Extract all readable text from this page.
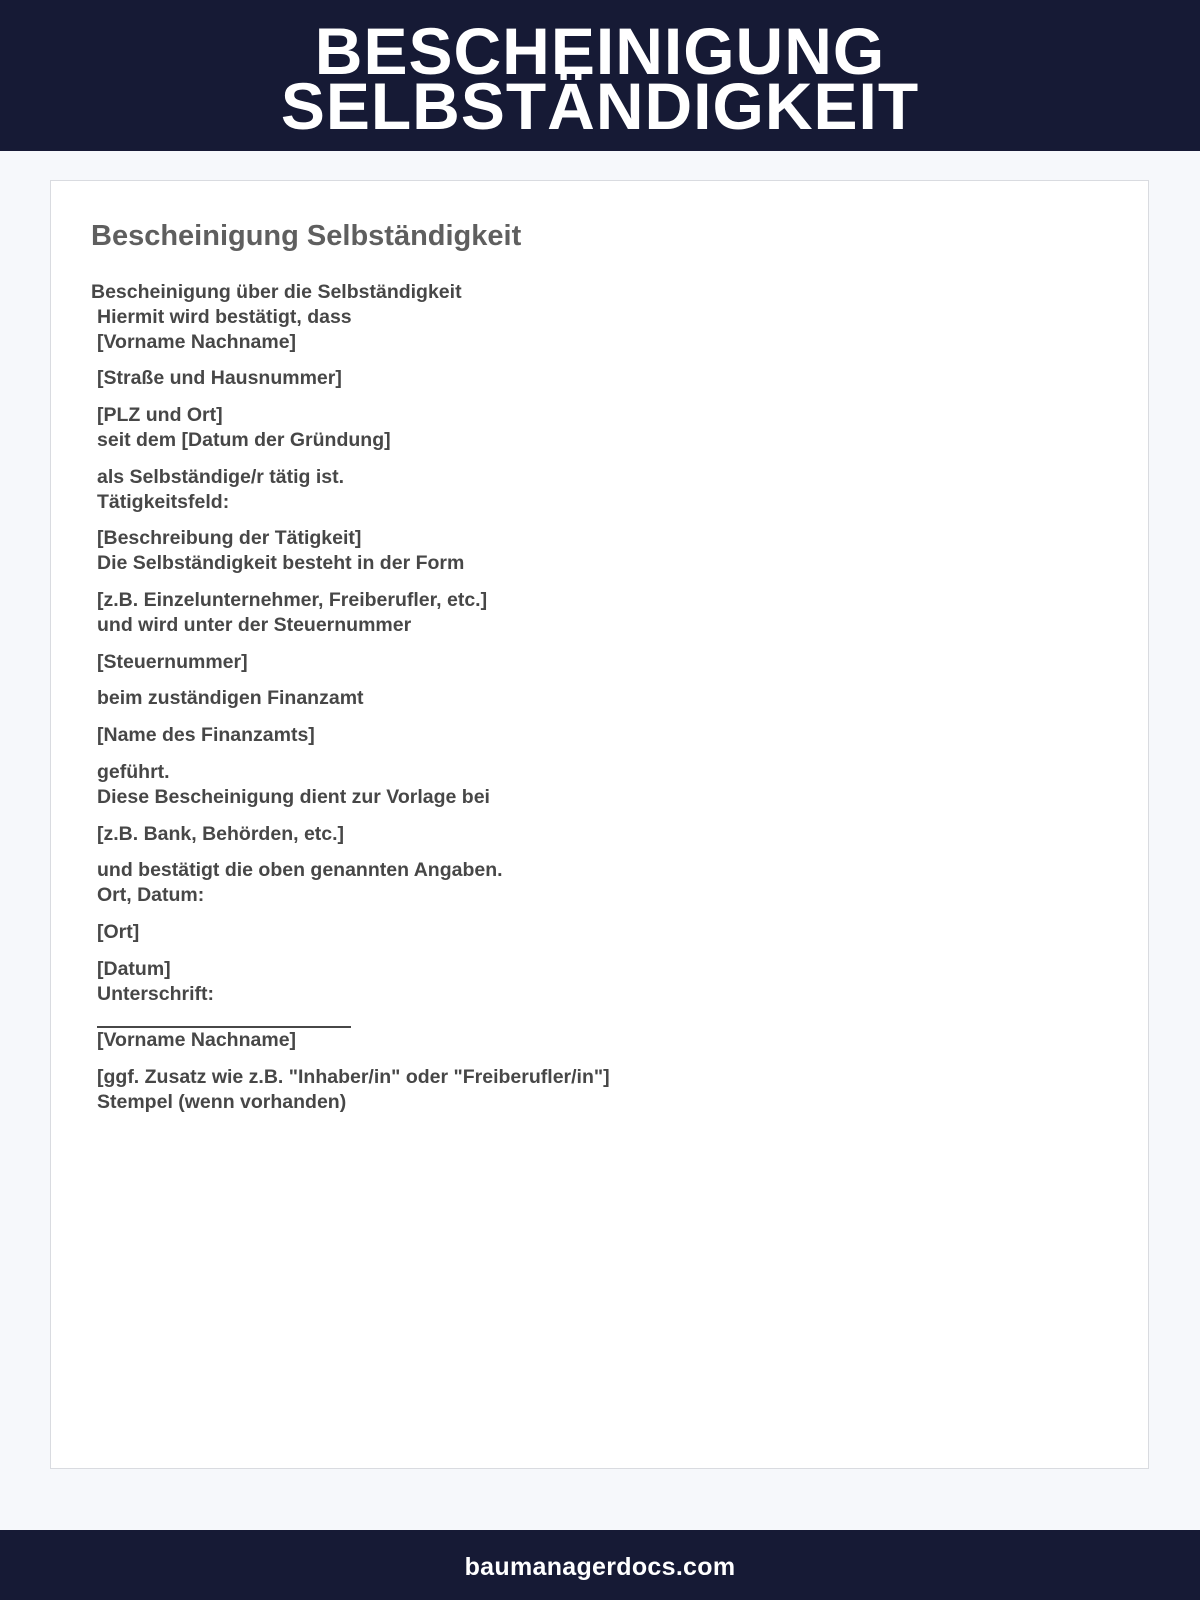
BESCHEINIGUNG
SELBSTÄNDIGKEIT
Bescheinigung Selbständigkeit
Bescheinigung über die Selbständigkeit
Hiermit wird bestätigt, dass
[Vorname Nachname]
[Straße und Hausnummer]
[PLZ und Ort]
seit dem [Datum der Gründung]
als Selbständige/r tätig ist.
Tätigkeitsfeld:
[Beschreibung der Tätigkeit]
Die Selbständigkeit besteht in der Form
[z.B. Einzelunternehmer, Freiberufler, etc.]
und wird unter der Steuernummer
[Steuernummer]
beim zuständigen Finanzamt
[Name des Finanzamts]
geführt.
Diese Bescheinigung dient zur Vorlage bei
[z.B. Bank, Behörden, etc.]
und bestätigt die oben genannten Angaben.
Ort, Datum:
[Ort]
[Datum]
Unterschrift:
[Vorname Nachname]
[ggf. Zusatz wie z.B. "Inhaber/in" oder "Freiberufler/in"]
Stempel (wenn vorhanden)
baumanagerdocs.com
